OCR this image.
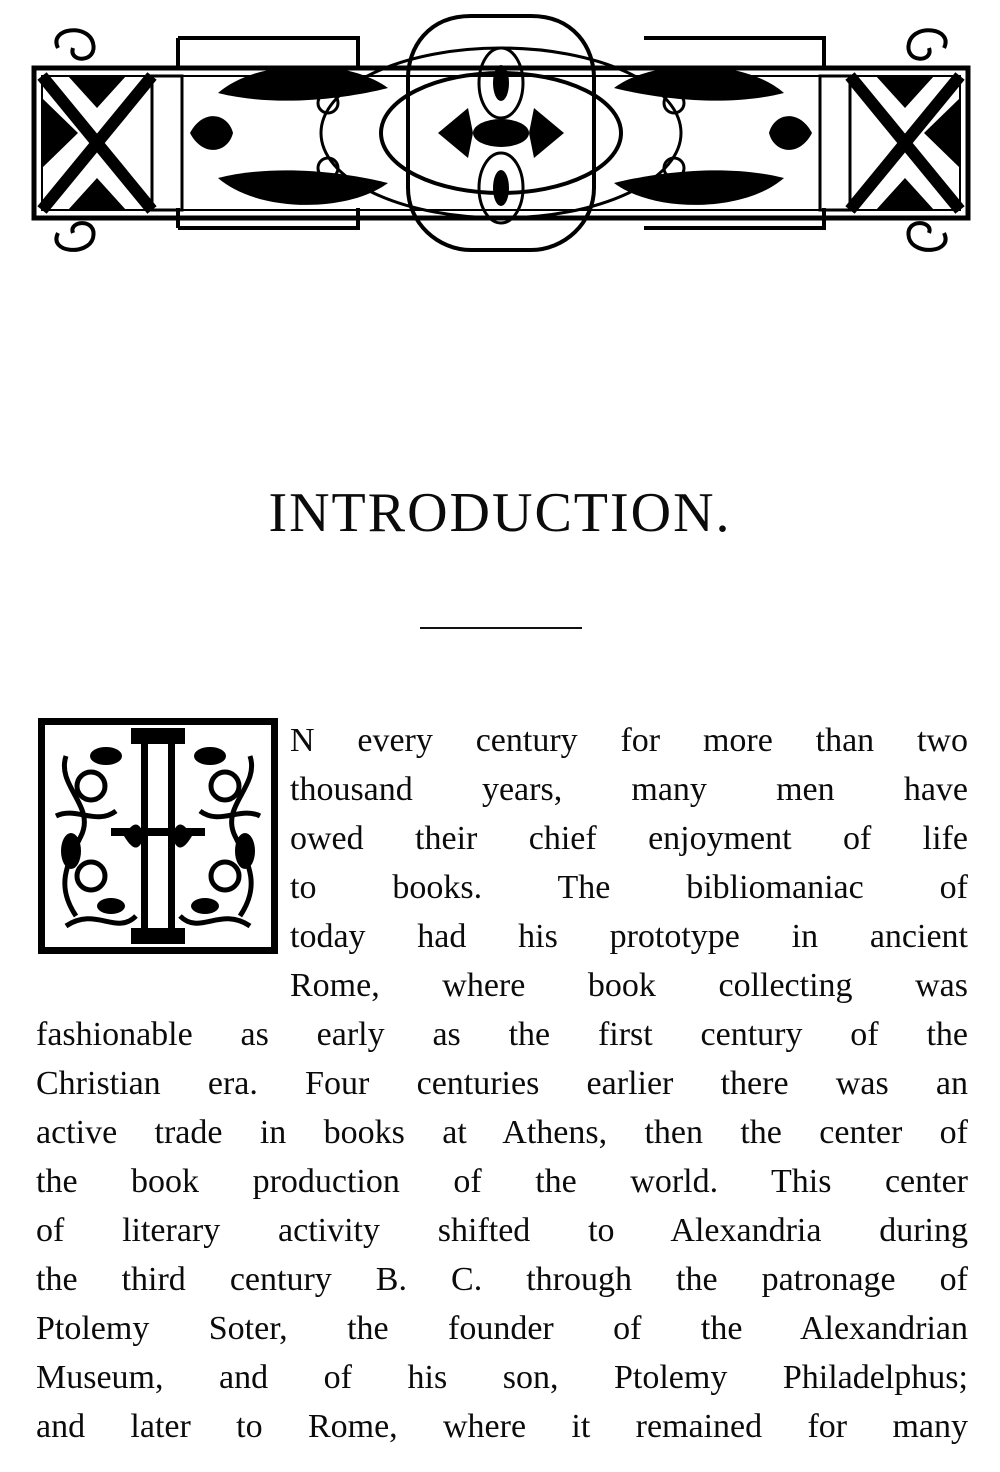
INTRODUCTION.
N every century for more than two
thousand years, many men have
owed their chief enjoyment of life
to books. The bibliomaniac of
today had his prototype in ancient
Rome, where book collecting was
fashionable as early as the first century of the
Christian era. Four centuries earlier there was an
active trade in books at Athens, then the center of
the book production of the world. This center
of literary activity shifted to Alexandria during
the third century B. C. through the patronage of
Ptolemy Soter, the founder of the Alexandrian
Museum, and of his son, Ptolemy Philadelphus;
and later to Rome, where it remained for many
